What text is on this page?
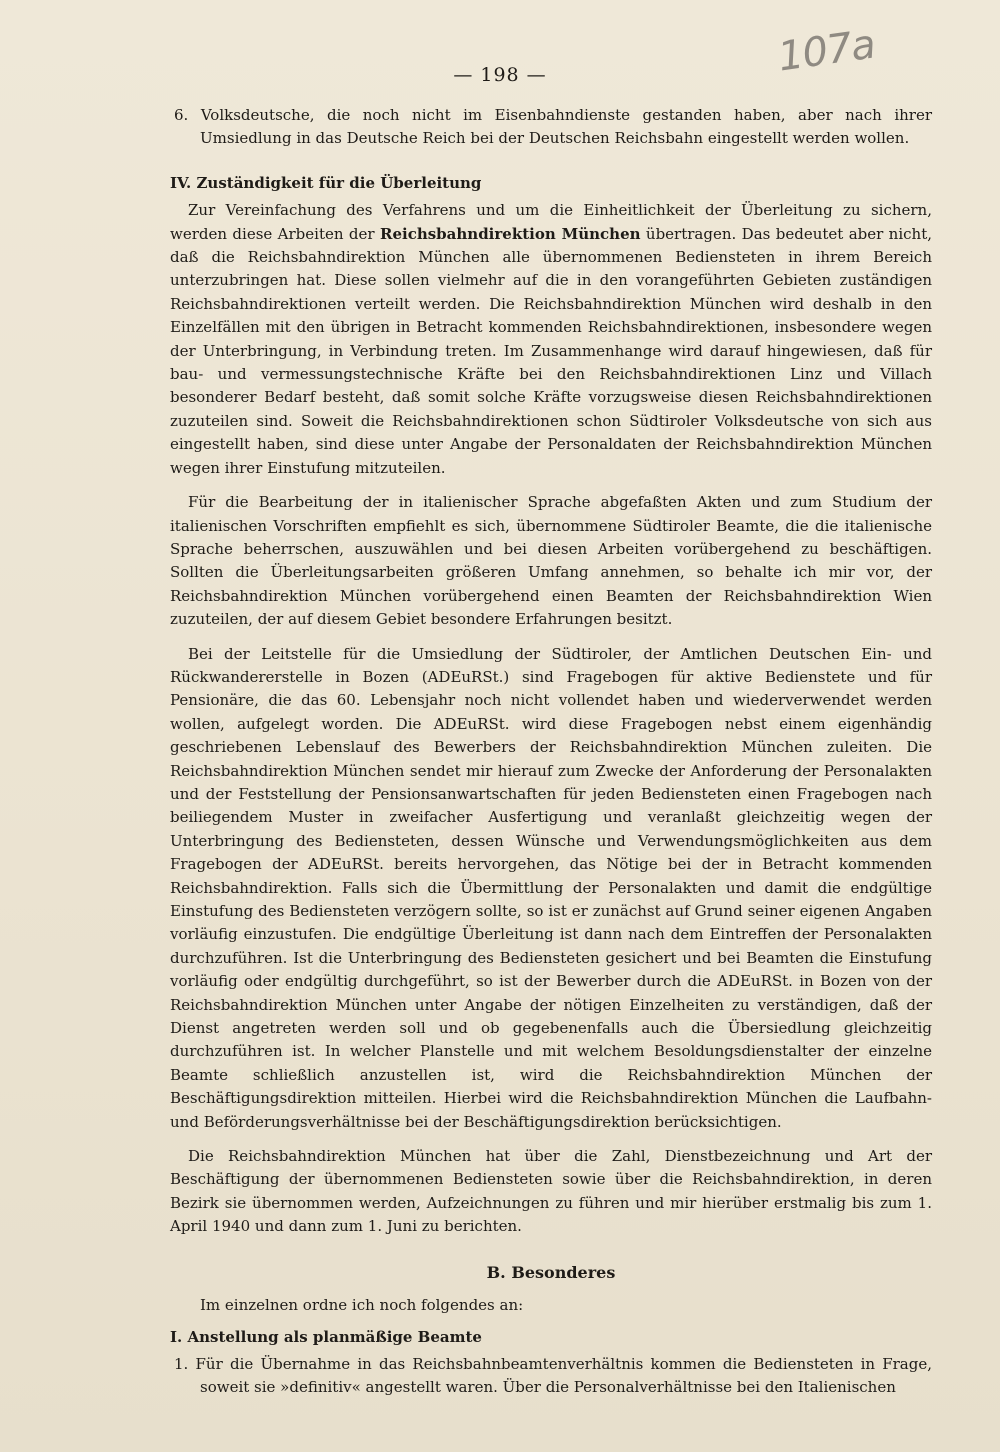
— 198 —	107a

6. Volksdeutsche, die noch nicht im Eisenbahndienste gestanden haben, aber nach ihrer Umsiedlung in das Deutsche Reich bei der Deutschen Reichsbahn eingestellt werden wollen.

IV. Zuständigkeit für die Überleitung

Zur Vereinfachung des Verfahrens und um die Einheitlichkeit der Überleitung zu sichern, werden diese Arbeiten der Reichsbahndirektion München übertragen. Das bedeutet aber nicht, daß die Reichsbahndirektion München alle übernommenen Bediensteten in ihrem Bereich unterzubringen hat. Diese sollen vielmehr auf die in den vorangeführten Gebieten zuständigen Reichsbahndirektionen verteilt werden. Die Reichsbahndirektion München wird deshalb in den Einzelfällen mit den übrigen in Betracht kommenden Reichsbahndirektionen, insbesondere wegen der Unterbringung, in Verbindung treten. Im Zusammenhange wird darauf hingewiesen, daß für bau- und vermessungstechnische Kräfte bei den Reichsbahndirektionen Linz und Villach besonderer Bedarf besteht, daß somit solche Kräfte vorzugsweise diesen Reichsbahndirektionen zuzuteilen sind. Soweit die Reichsbahndirektionen schon Südtiroler Volksdeutsche von sich aus eingestellt haben, sind diese unter Angabe der Personaldaten der Reichsbahndirektion München wegen ihrer Einstufung mitzuteilen.

Für die Bearbeitung der in italienischer Sprache abgefaßten Akten und zum Studium der italienischen Vorschriften empfiehlt es sich, übernommene Südtiroler Beamte, die die italienische Sprache beherrschen, auszuwählen und bei diesen Arbeiten vorübergehend zu beschäftigen. Sollten die Überleitungsarbeiten größeren Umfang annehmen, so behalte ich mir vor, der Reichsbahndirektion München vorübergehend einen Beamten der Reichsbahndirektion Wien zuzuteilen, der auf diesem Gebiet besondere Erfahrungen besitzt.

Bei der Leitstelle für die Umsiedlung der Südtiroler, der Amtlichen Deutschen Ein- und Rückwandererstelle in Bozen (ADEuRSt.) sind Fragebogen für aktive Bedienstete und für Pensionäre, die das 60. Lebensjahr noch nicht vollendet haben und wiederverwendet werden wollen, aufgelegt worden. Die ADEuRSt. wird diese Fragebogen nebst einem eigenhändig geschriebenen Lebenslauf des Bewerbers der Reichsbahndirektion München zuleiten. Die Reichsbahndirektion München sendet mir hierauf zum Zwecke der Anforderung der Personalakten und der Feststellung der Pensionsanwartschaften für jeden Bediensteten einen Fragebogen nach beiliegendem Muster in zweifacher Ausfertigung und veranlaßt gleichzeitig wegen der Unterbringung des Bediensteten, dessen Wünsche und Verwendungsmöglichkeiten aus dem Fragebogen der ADEuRSt. bereits hervorgehen, das Nötige bei der in Betracht kommenden Reichsbahndirektion. Falls sich die Übermittlung der Personalakten und damit die endgültige Einstufung des Bediensteten verzögern sollte, so ist er zunächst auf Grund seiner eigenen Angaben vorläufig einzustufen. Die endgültige Überleitung ist dann nach dem Eintreffen der Personalakten durchzuführen. Ist die Unterbringung des Bediensteten gesichert und bei Beamten die Einstufung vorläufig oder endgültig durchgeführt, so ist der Bewerber durch die ADEuRSt. in Bozen von der Reichsbahndirektion München unter Angabe der nötigen Einzelheiten zu verständigen, daß der Dienst angetreten werden soll und ob gegebenenfalls auch die Übersiedlung gleichzeitig durchzuführen ist. In welcher Planstelle und mit welchem Besoldungsdienstalter der einzelne Beamte schließlich anzustellen ist, wird die Reichsbahndirektion München der Beschäftigungsdirektion mitteilen. Hierbei wird die Reichsbahndirektion München die Laufbahn- und Beförderungsverhältnisse bei der Beschäftigungsdirektion berücksichtigen.

Die Reichsbahndirektion München hat über die Zahl, Dienstbezeichnung und Art der Beschäftigung der übernommenen Bediensteten sowie über die Reichsbahndirektion, in deren Bezirk sie übernommen werden, Aufzeichnungen zu führen und mir hierüber erstmalig bis zum 1. April 1940 und dann zum 1. Juni zu berichten.

B. Besonderes

Im einzelnen ordne ich noch folgendes an:

I. Anstellung als planmäßige Beamte

1. Für die Übernahme in das Reichsbahnbeamtenverhältnis kommen die Bediensteten in Frage, soweit sie »definitiv« angestellt waren. Über die Personalverhältnisse bei den Italienischen
